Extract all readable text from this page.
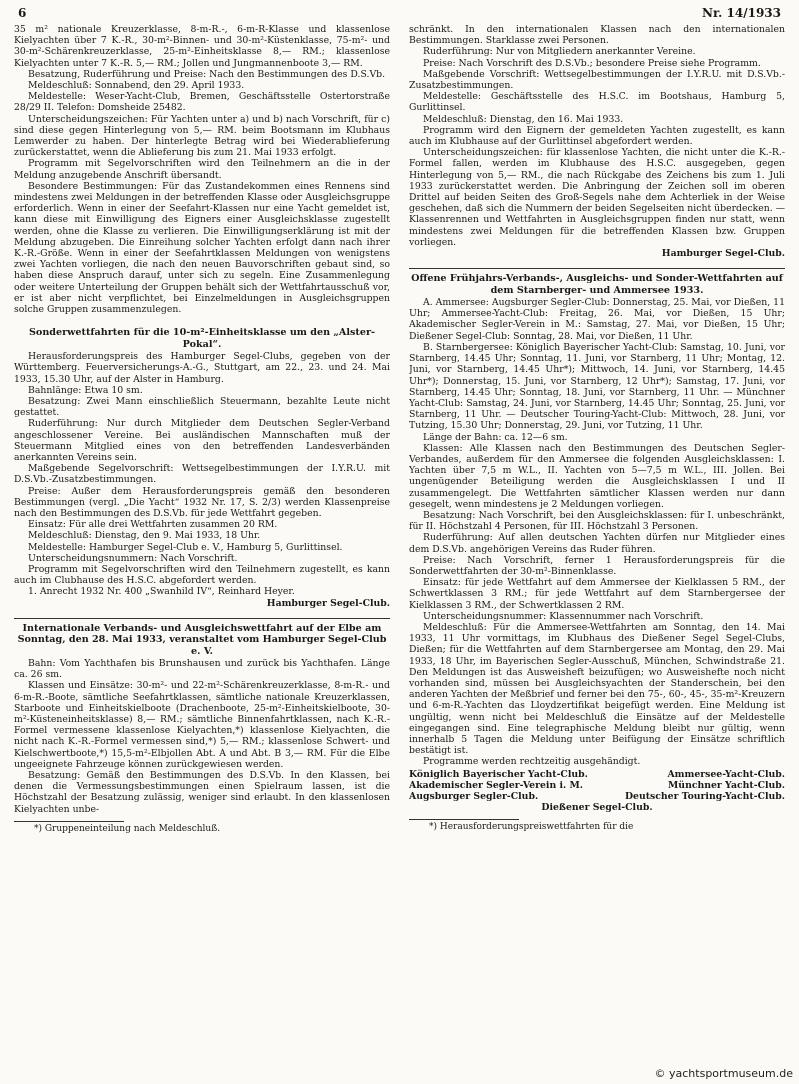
6	Nr. 14/1933

35 m² nationale Kreuzerklasse, 8-m-R.-, 6-m-R-Klasse und klassenlose Kielyachten über 7 K.-R., 30-m²-Binnen- und 30-m²-Küstenklasse, 75-m²- und 30-m²-Schärenkreuzerklasse, 25-m²-Einheitsklasse 8,— RM.; klassenlose Kielyachten unter 7 K.-R. 5,— RM.; Jollen und Jungmannenboote 3,— RM.

Besatzung, Ruderführung und Preise: Nach den Bestimmungen des D.S.Vb.

Meldeschluß: Sonnabend, den 29. April 1933.

Meldestelle: Weser-Yacht-Club, Bremen, Geschäftsstelle Ostertorstraße 28/29 II. Telefon: Domsheide 25482.

Unterscheidungszeichen: Für Yachten unter a) und b) nach Vorschrift, für c) sind diese gegen Hinterlegung von 5,— RM. beim Bootsmann im Klubhaus Lemwerder zu haben. Der hinterlegte Betrag wird bei Wiederablieferung zurückerstattet, wenn die Ablieferung bis zum 21. Mai 1933 erfolgt.

Programm mit Segelvorschriften wird den Teilnehmern an die in der Meldung anzugebende Anschrift übersandt.

Besondere Bestimmungen: Für das Zustandekommen eines Rennens sind mindestens zwei Meldungen in der betreffenden Klasse oder Ausgleichsgruppe erforderlich. Wenn in einer der Seefahrt-Klassen nur eine Yacht gemeldet ist, kann diese mit Einwilligung des Eigners einer Ausgleichsklasse zugestellt werden, ohne die Klasse zu verlieren. Die Einwilligungserklärung ist mit der Meldung abzugeben. Die Einreihung solcher Yachten erfolgt dann nach ihrer K.-R.-Größe. Wenn in einer der Seefahrtklassen Meldungen von wenigstens zwei Yachten vorliegen, die nach den neuen Bauvorschriften gebaut sind, so haben diese Anspruch darauf, unter sich zu segeln. Eine Zusammenlegung oder weitere Unterteilung der Gruppen behält sich der Wettfahrtausschuß vor, er ist aber nicht verpflichtet, bei Einzelmeldungen in Ausgleichsgruppen solche Gruppen zusammenzulegen.

Sonderwettfahrten für die 10-m²-Einheitsklasse um den „Alster-Pokal“.

Herausforderungspreis des Hamburger Segel-Clubs, gegeben von der Württemberg. Feuerversicherungs-A.-G., Stuttgart, am 22., 23. und 24. Mai 1933, 15.30 Uhr, auf der Alster in Hamburg.

Bahnlänge: Etwa 10 sm.

Besatzung: Zwei Mann einschließlich Steuermann, bezahlte Leute nicht gestattet.

Ruderführung: Nur durch Mitglieder dem Deutschen Segler-Verband angeschlossener Vereine. Bei ausländischen Mannschaften muß der Steuermann Mitglied eines von den betreffenden Landesverbänden anerkannten Vereins sein.

Maßgebende Segelvorschrift: Wettsegelbestimmungen der I.Y.R.U. mit D.S.Vb.-Zusatzbestimmungen.

Preise: Außer dem Herausforderungspreis gemäß den besonderen Bestimmungen (vergl. „Die Yacht“ 1932 Nr. 17, S. 2/3) werden Klassenpreise nach den Bestimmungen des D.S.Vb. für jede Wettfahrt gegeben.

Einsatz: Für alle drei Wettfahrten zusammen 20 RM.

Meldeschluß: Dienstag, den 9. Mai 1933, 18 Uhr.

Meldestelle: Hamburger Segel-Club e. V., Hamburg 5, Gurlittinsel.

Unterscheidungsnummern: Nach Vorschrift.

Programm mit Segelvorschriften wird den Teilnehmern zugestellt, es kann auch im Clubhause des H.S.C. abgefordert werden.

1. Anrecht 1932 Nr. 400 „Swanhild IV“, Reinhard Heyer.

Hamburger Segel-Club.

Internationale Verbands- und Ausgleichswettfahrt auf der Elbe am Sonntag, den 28. Mai 1933, veranstaltet vom Hamburger Segel-Club e. V.

Bahn: Vom Yachthafen bis Brunshausen und zurück bis Yachthafen. Länge ca. 26 sm.

Klassen und Einsätze: 30-m²- und 22-m²-Schärenkreuzerklasse, 8-m-R.- und 6-m-R.-Boote, sämtliche Seefahrtklassen, sämtliche nationale Kreuzerklassen, Starboote und Einheitskielboote (Drachenboote, 25-m²-Einheitskielboote, 30-m²-Küsteneinheitsklasse) 8,— RM.; sämtliche Binnenfahrtklassen, nach K.-R.-Formel vermessene klassenlose Kielyachten,*) klassenlose Kielyachten, die nicht nach K.-R.-Formel vermessen sind,*) 5,— RM.; klassenlose Schwert- und Kielschwertboote,*) 15,5-m²-Elbjollen Abt. A und Abt. B 3,— RM. Für die Elbe ungeeignete Fahrzeuge können zurückgewiesen werden.

Besatzung: Gemäß den Bestimmungen des D.S.Vb. In den Klassen, bei denen die Vermessungsbestimmungen einen Spielraum lassen, ist die Höchstzahl der Besatzung zulässig, weniger sind erlaubt. In den klassenlosen Kielyachten unbe-

*) Gruppeneinteilung nach Meldeschluß.

schränkt. In den internationalen Klassen nach den internationalen Bestimmungen. Starklasse zwei Personen.

Ruderführung: Nur von Mitgliedern anerkannter Vereine.

Preise: Nach Vorschrift des D.S.Vb.; besondere Preise siehe Programm.

Maßgebende Vorschrift: Wettsegelbestimmungen der I.Y.R.U. mit D.S.Vb.-Zusatzbestimmungen.

Meldestelle: Geschäftsstelle des H.S.C. im Bootshaus, Hamburg 5, Gurlittinsel.

Meldeschluß: Dienstag, den 16. Mai 1933.

Programm wird den Eignern der gemeldeten Yachten zugestellt, es kann auch im Klubhause auf der Gurlittinsel abgefordert werden.

Unterscheidungszeichen: für klassenlose Yachten, die nicht unter die K.-R.-Formel fallen, werden im Klubhause des H.S.C. ausgegeben, gegen Hinterlegung von 5,— RM., die nach Rückgabe des Zeichens bis zum 1. Juli 1933 zurückerstattet werden. Die Anbringung der Zeichen soll im oberen Drittel auf beiden Seiten des Groß-Segels nahe dem Achterliek in der Weise geschehen, daß sich die Nummern der beiden Segelseiten nicht überdecken. — Klassenrennen und Wettfahrten in Ausgleichsgruppen finden nur statt, wenn mindestens zwei Meldungen für die betreffenden Klassen bzw. Gruppen vorliegen.

Hamburger Segel-Club.

Offene Frühjahrs-Verbands-, Ausgleichs- und Sonder-Wettfahrten auf dem Starnberger- und Ammersee 1933.

A. Ammersee: Augsburger Segler-Club: Donnerstag, 25. Mai, vor Dießen, 11 Uhr; Ammersee-Yacht-Club: Freitag, 26. Mai, vor Dießen, 15 Uhr; Akademischer Segler-Verein in M.: Samstag, 27. Mai, vor Dießen, 15 Uhr; Dießener Segel-Club: Sonntag, 28. Mai, vor Dießen, 11 Uhr.

B. Starnbergersee: Königlich Bayerischer Yacht-Club: Samstag, 10. Juni, vor Starnberg, 14.45 Uhr; Sonntag, 11. Juni, vor Starnberg, 11 Uhr; Montag, 12. Juni, vor Starnberg, 14.45 Uhr*); Mittwoch, 14. Juni, vor Starnberg, 14.45 Uhr*); Donnerstag, 15. Juni, vor Starnberg, 12 Uhr*); Samstag, 17. Juni, vor Starnberg, 14.45 Uhr; Sonntag, 18. Juni, vor Starnberg, 11 Uhr. — Münchner Yacht-Club: Samstag, 24. Juni, vor Starnberg, 14.45 Uhr; Sonntag, 25. Juni, vor Starnberg, 11 Uhr. — Deutscher Touring-Yacht-Club: Mittwoch, 28. Juni, vor Tutzing, 15.30 Uhr; Donnerstag, 29. Juni, vor Tutzing, 11 Uhr.

Länge der Bahn: ca. 12—6 sm.

Klassen: Alle Klassen nach den Bestimmungen des Deutschen Segler-Verbandes, außerdem für den Ammersee die folgenden Ausgleichsklassen: I. Yachten über 7,5 m W.L., II. Yachten von 5—7,5 m W.L., III. Jollen. Bei ungenügender Beteiligung werden die Ausgleichsklassen I und II zusammengelegt. Die Wettfahrten sämtlicher Klassen werden nur dann gesegelt, wenn mindestens je 2 Meldungen vorliegen.

Besatzung: Nach Vorschrift, bei den Ausgleichsklassen: für I. unbeschränkt, für II. Höchstzahl 4 Personen, für III. Höchstzahl 3 Personen.

Ruderführung: Auf allen deutschen Yachten dürfen nur Mitglieder eines dem D.S.Vb. angehörigen Vereins das Ruder führen.

Preise: Nach Vorschrift, ferner 1 Herausforderungspreis für die Sonderwettfahrten der 30-m²-Binnenklasse.

Einsatz: für jede Wettfahrt auf dem Ammersee der Kielklassen 5 RM., der Schwertklassen 3 RM.; für jede Wettfahrt auf dem Starnbergersee der Kielklassen 3 RM., der Schwertklassen 2 RM.

Unterscheidungsnummer: Klassennummer nach Vorschrift.

Meldeschluß: Für die Ammersee-Wettfahrten am Sonntag, den 14. Mai 1933, 11 Uhr vormittags, im Klubhaus des Dießener Segel Segel-Clubs, Dießen; für die Wettfahrten auf dem Starnbergersee am Montag, den 29. Mai 1933, 18 Uhr, im Bayerischen Segler-Ausschuß, München, Schwindstraße 21. Den Meldungen ist das Ausweisheft beizufügen; wo Ausweishefte noch nicht vorhanden sind, müssen bei Ausgleichsyachten der Standerschein, bei den anderen Yachten der Meßbrief und ferner bei den 75-, 60-, 45-, 35-m²-Kreuzern und 6-m-R.-Yachten das Lloydzertifikat beigefügt werden. Eine Meldung ist ungültig, wenn nicht bei Meldeschluß die Einsätze auf der Meldestelle eingegangen sind. Eine telegraphische Meldung bleibt nur gültig, wenn innerhalb 5 Tagen die Meldung unter Beifügung der Einsätze schriftlich bestätigt ist.

Programme werden rechtzeitig ausgehändigt.

Königlich Bayerischer Yacht-Club.	Ammersee-Yacht-Club.
Akademischer Segler-Verein i. M.	Münchner Yacht-Club.
Augsburger Segler-Club.	Deutscher Touring-Yacht-Club.
Dießener Segel-Club.

*) Herausforderungspreiswettfahrten für die

© yachtsportmuseum.de
